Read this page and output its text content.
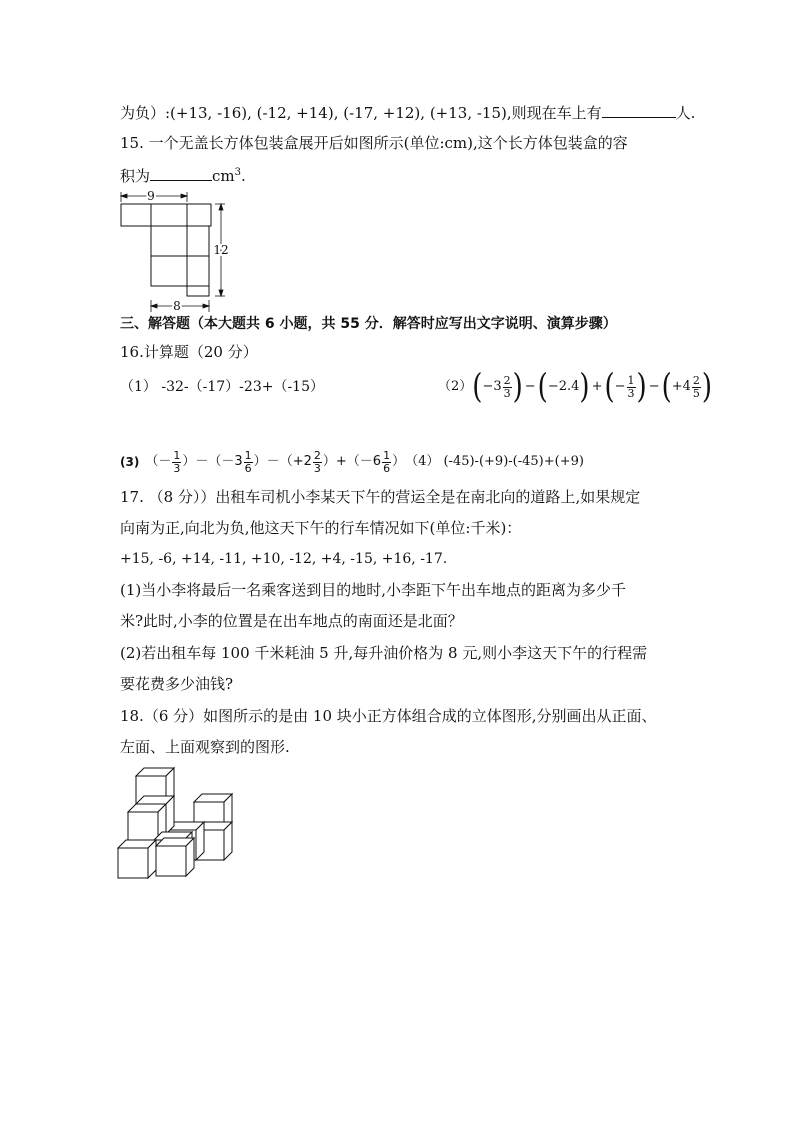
为负）:(+13, -16), (-12, +14), (-17, +12), (+13, -15),则现在车上有	人.
15. 一个无盖长方体包装盒展开后如图所示(单位:cm),这个长方体包装盒的容
积为	$cm^3$.
9
12
8
三、解答题（本大题共 6 小题，共 55 分．解答时应写出文字说明、演算步骤）
16.计算题（20 分）
（1） -32-（-17）-23+（-15）	（2） ( $-3 \frac{2}{3}$ ) − ( −2.4 ) + ( − $\frac{1}{3}$ ) − ( $+4 \frac{2}{5}$ )
(3) （－ $\frac{1}{3}$ ） － （$-3 \frac{1}{6}$ ） － （$+2 \frac{2}{3}$ ） + （$-6 \frac{1}{6}$ ） （4） (-45)-(+9)-(-45)+(+9)
17. （8 分））出租车司机小李某天下午的营运全是在南北向的道路上,如果规定
向南为正,向北为负,他这天下午的行车情况如下(单位:千米)：
+15, -6, +14, -11, +10, -12, +4, -15, +16, -17.
(1)当小李将最后一名乘客送到目的地时,小李距下午出车地点的距离为多少千
米?此时,小李的位置是在出车地点的南面还是北面？
(2)若出租车每 100 千米耗油 5 升,每升油价格为 8 元,则小李这天下午的行程需
要花费多少油钱?
18.（6 分）如图所示的是由 10 块小正方体组合成的立体图形,分别画出从正面、
左面、上面观察到的图形.
